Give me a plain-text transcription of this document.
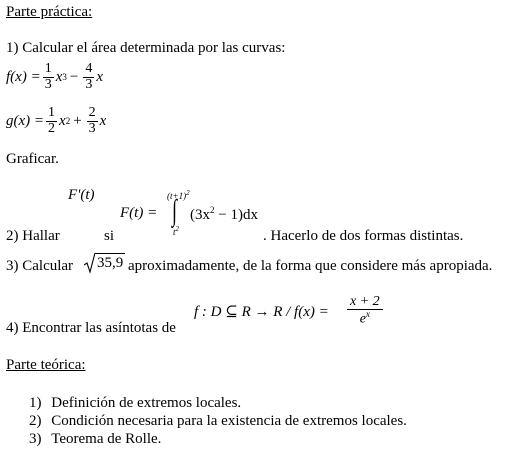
Parte práctica:
1) Calcular el área determinada por las curvas:
$f(x) = \frac{1}{3}$ x $3 - \frac{4}{3}$ x
$g(x) = \frac{1}{2}$ x $2 + \frac{2}{3}$ x
Graficar.
F'(t)	$(t+1)^2$
F(t) = ∫ $(3x^2 - 1)dx$
$t^2$
2) Hallar	si	. Hacerlo de dos formas distintas.
3) Calcular 35,9 aproximadamente, de la forma que considere más apropiada.
f : D ⊆ $R \to R / f(x) = \frac{x + 2}{e^x}$
4) Encontrar las asíntotas de
Parte teórica:
1) Definición de extremos locales.
2) Condición necesaria para la existencia de extremos locales.
3) Teorema de Rolle.
